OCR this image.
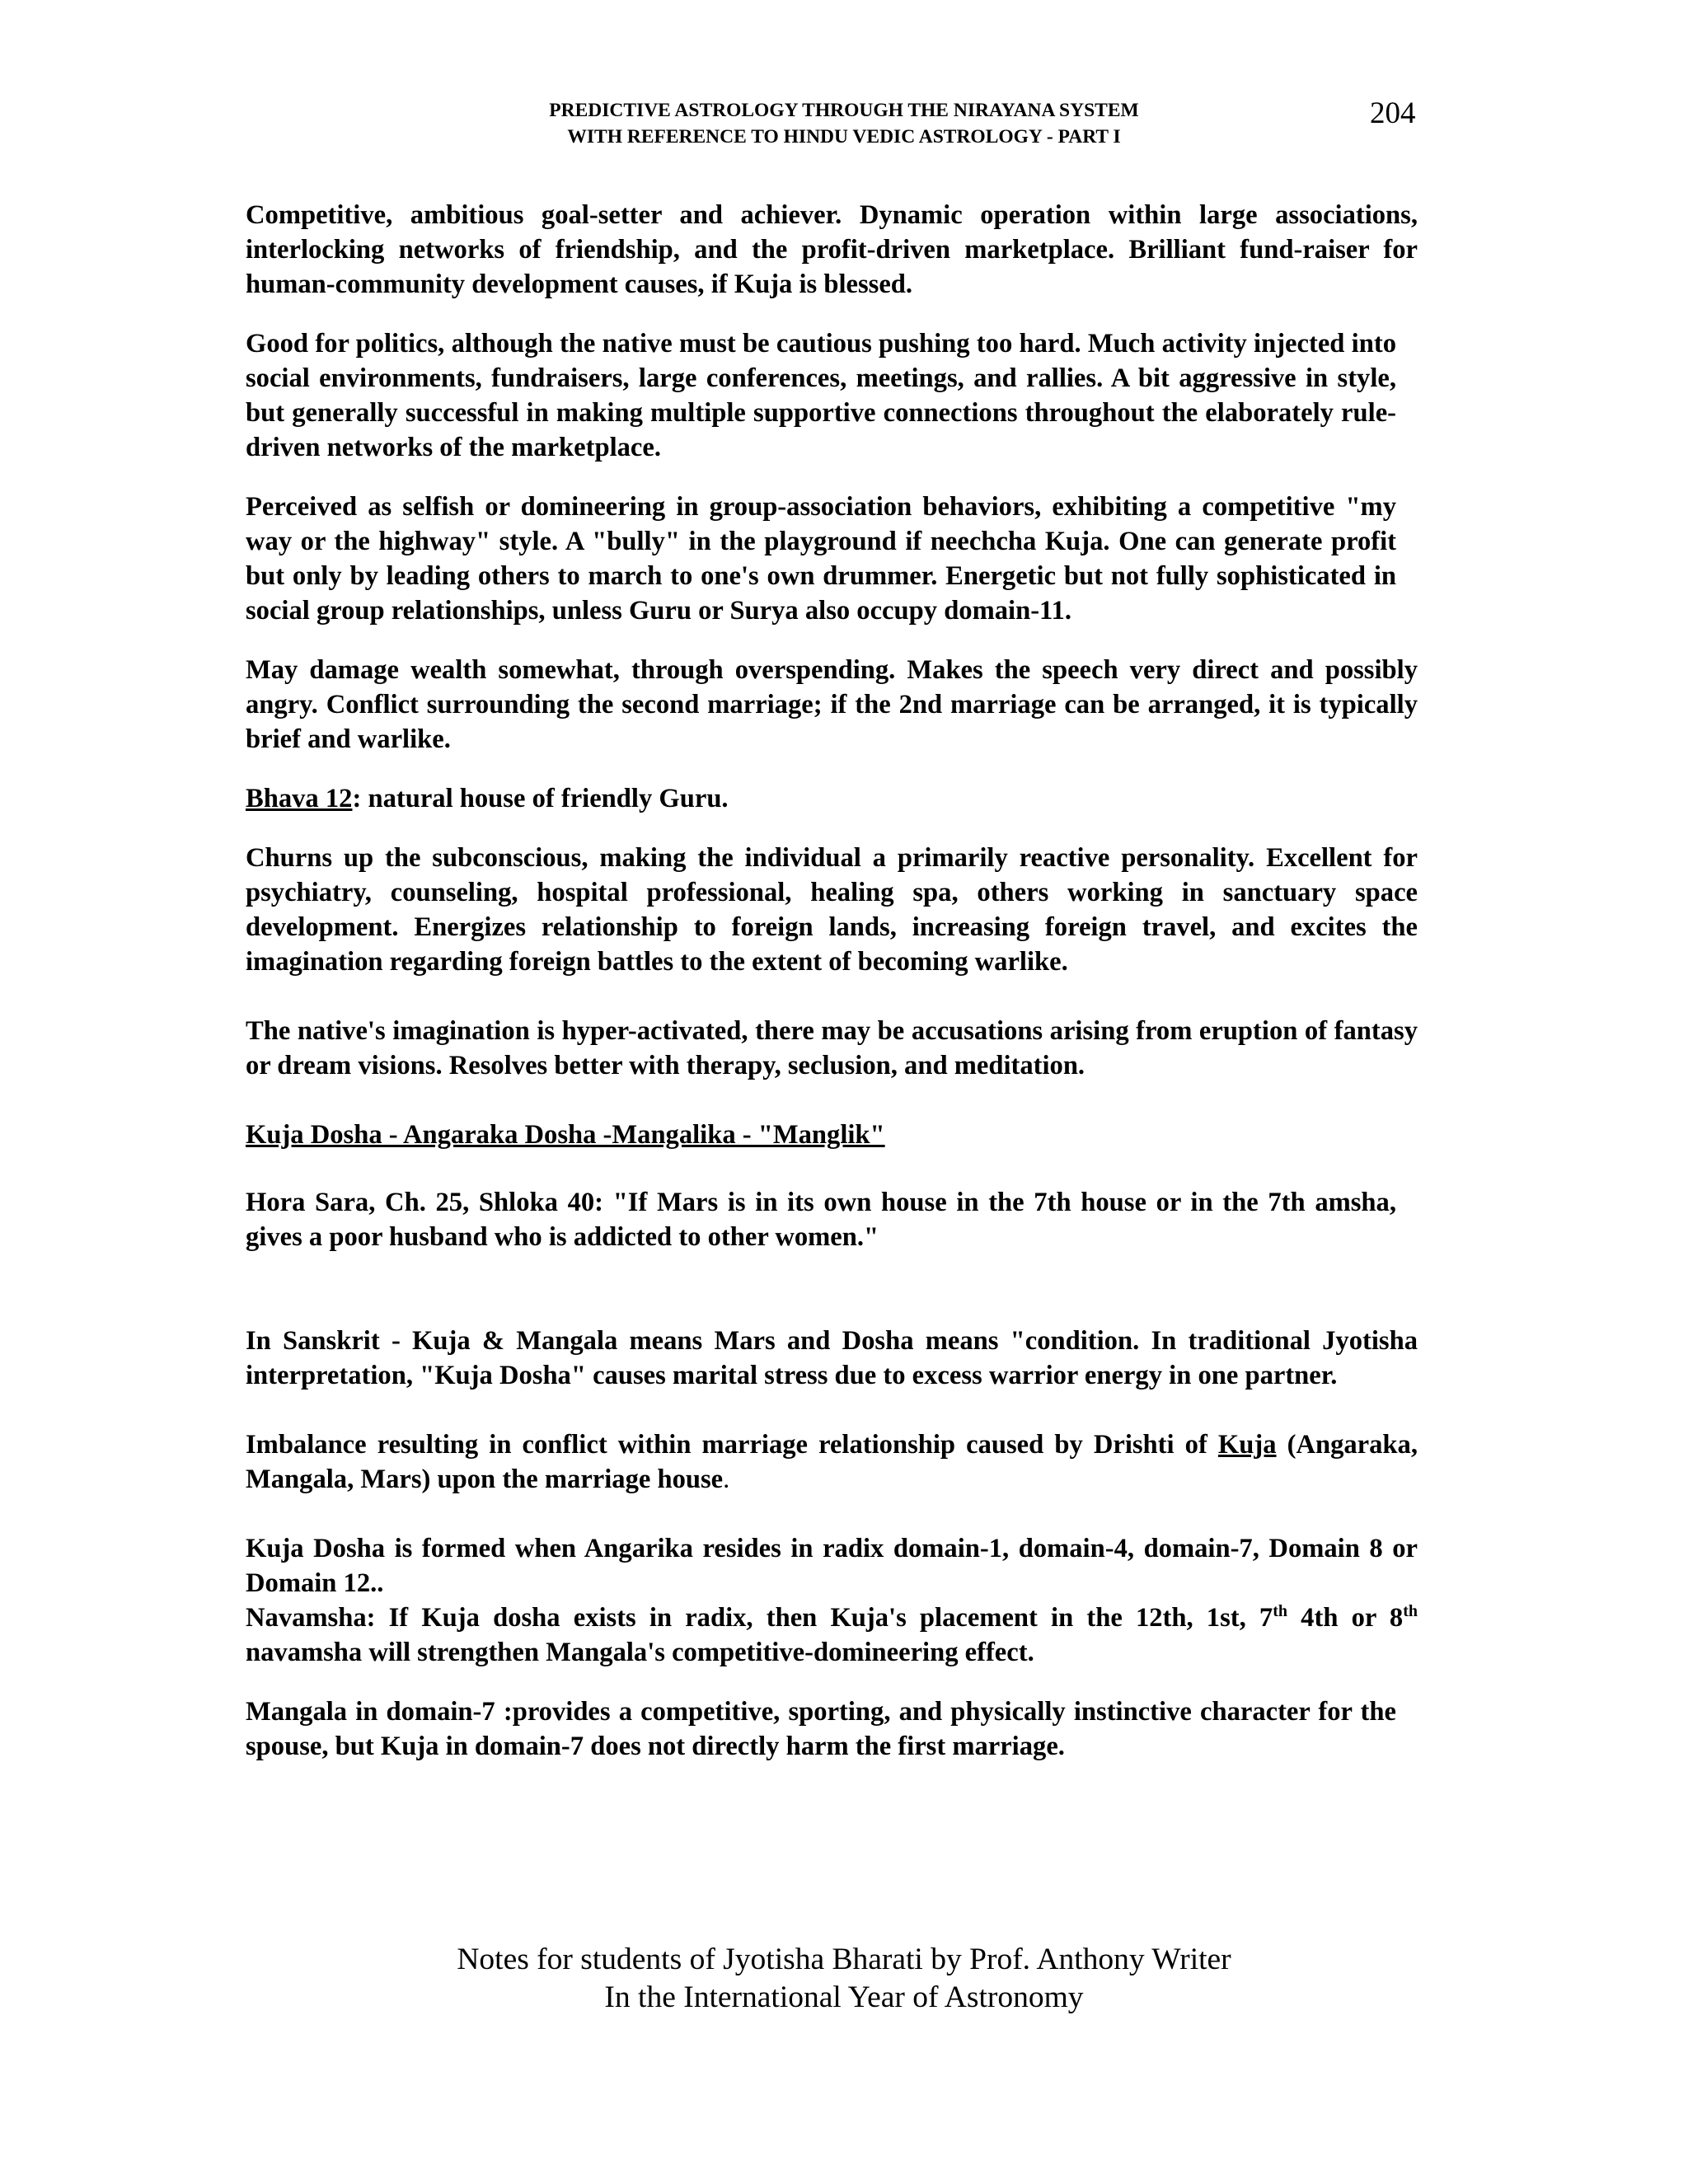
PREDICTIVE ASTROLOGY THROUGH THE NIRAYANA SYSTEM
WITH REFERENCE TO HINDU VEDIC ASTROLOGY - PART I
204

Competitive, ambitious goal-setter and achiever. Dynamic operation within large associations, interlocking networks of friendship, and the profit-driven marketplace. Brilliant fund-raiser for human-community development causes, if Kuja is blessed.

Good for politics, although the native must be cautious pushing too hard. Much activity injected into social environments, fundraisers, large conferences, meetings, and rallies. A bit aggressive in style, but generally successful in making multiple supportive connections throughout the elaborately rule-driven networks of the marketplace.

Perceived as selfish or domineering in group-association behaviors, exhibiting a competitive "my way or the highway" style. A "bully" in the playground if neechcha Kuja. One can generate profit but only by leading others to march to one's own drummer. Energetic but not fully sophisticated in social group relationships, unless Guru or Surya also occupy domain-11.

May damage wealth somewhat, through overspending. Makes the speech very direct and possibly angry. Conflict surrounding the second marriage; if the 2nd marriage can be arranged, it is typically brief and warlike.

Bhava 12: natural house of friendly Guru.

Churns up the subconscious, making the individual a primarily reactive personality. Excellent for psychiatry, counseling, hospital professional, healing spa, others working in sanctuary space development. Energizes relationship to foreign lands, increasing foreign travel, and excites the imagination regarding foreign battles to the extent of becoming warlike.

The native's imagination is hyper-activated, there may be accusations arising from eruption of fantasy or dream visions. Resolves better with therapy, seclusion, and meditation.

Kuja Dosha - Angaraka Dosha -Mangalika - "Manglik"

Hora Sara, Ch. 25, Shloka 40: "If Mars is in its own house in the 7th house or in the 7th amsha, gives a poor husband who is addicted to other women."

In Sanskrit - Kuja & Mangala means Mars and Dosha means "condition. In traditional Jyotisha interpretation, "Kuja Dosha" causes marital stress due to excess warrior energy in one partner.

Imbalance resulting in conflict within marriage relationship caused by Drishti of Kuja (Angaraka, Mangala, Mars) upon the marriage house.

Kuja Dosha is formed when Angarika resides in radix domain-1, domain-4, domain-7, Domain 8 or Domain 12..

Navamsha: If Kuja dosha exists in radix, then Kuja's placement in the 12th, 1st, 7th 4th or 8th navamsha will strengthen Mangala's competitive-domineering effect.

Mangala in domain-7 :provides a competitive, sporting, and physically instinctive character for the spouse, but Kuja in domain-7 does not directly harm the first marriage.

Notes for students of Jyotisha Bharati by Prof. Anthony Writer
In the International Year of Astronomy
